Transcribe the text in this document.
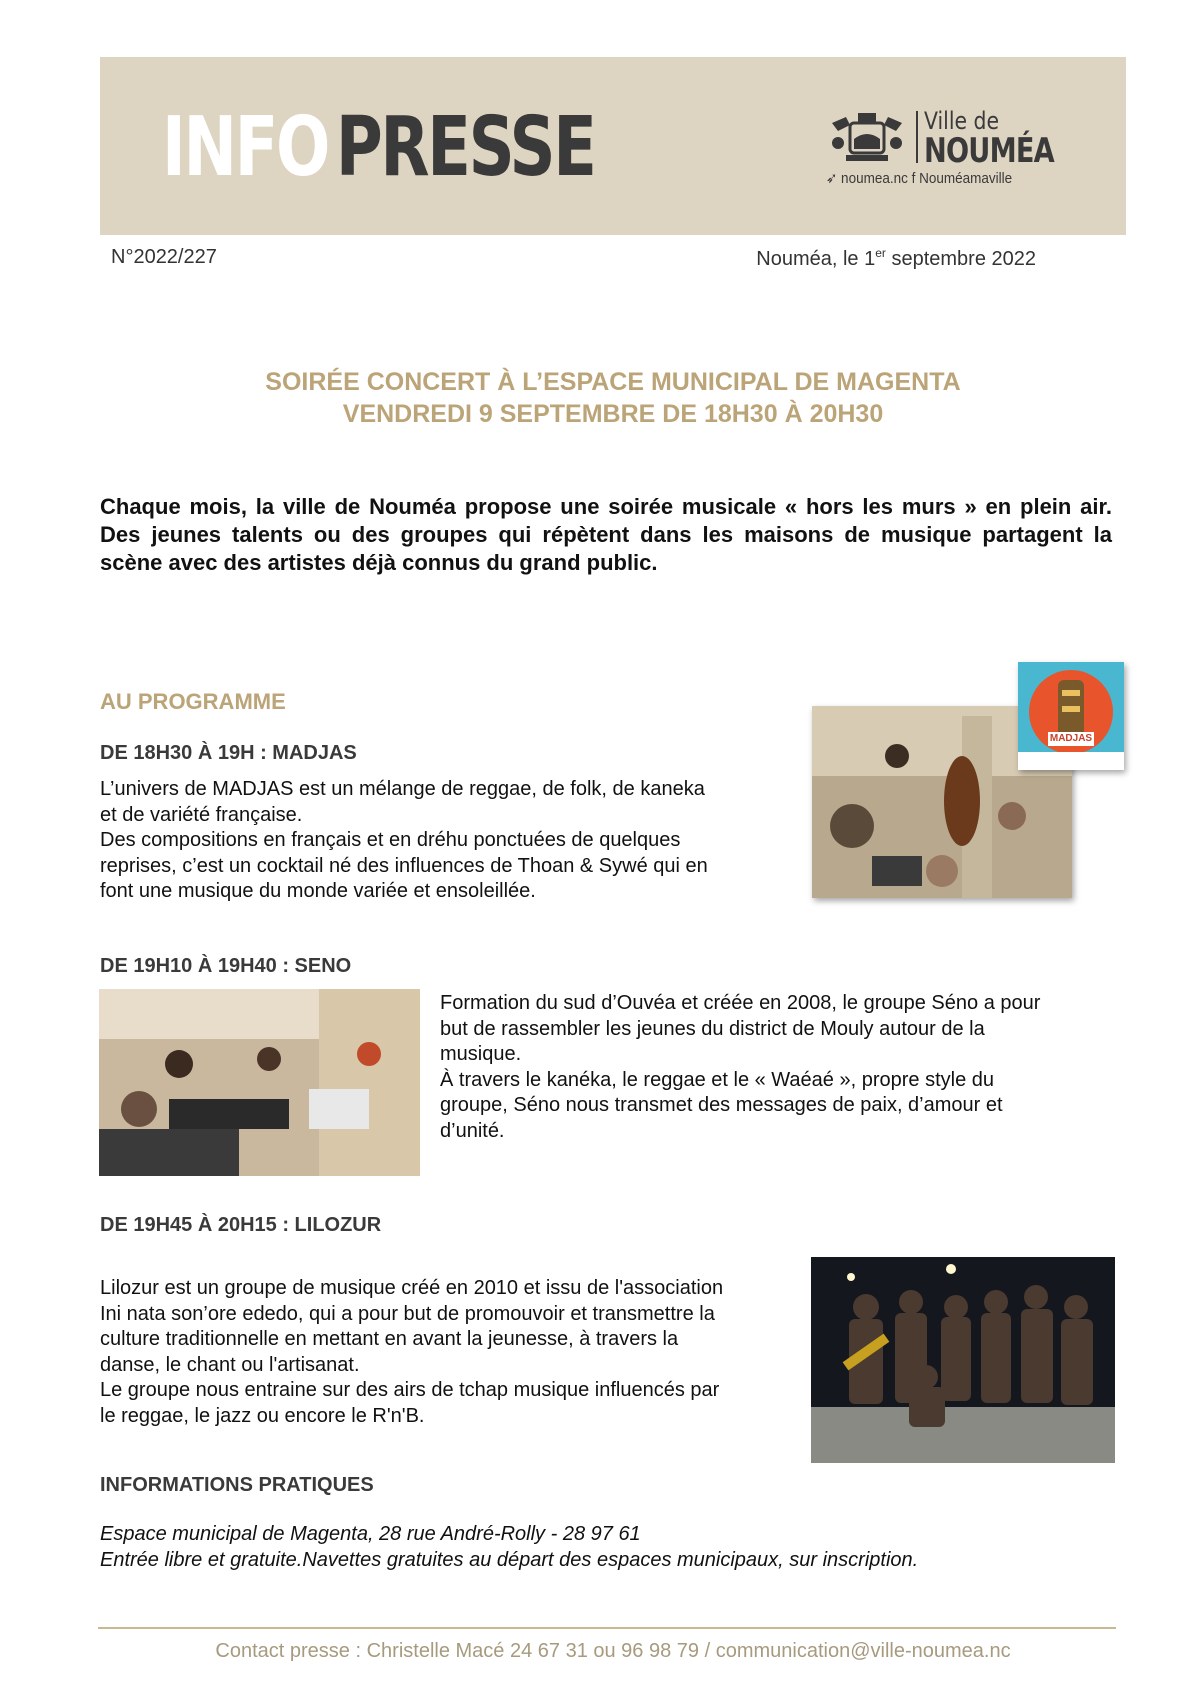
INFOPRESSE	Ville de
NOUMÉA
➶ noumea.nc f Nouméamaville
N°2022/227	Nouméa, le 1er septembre 2022
SOIRÉE CONCERT À L’ESPACE MUNICIPAL DE MAGENTA
VENDREDI 9 SEPTEMBRE DE 18H30 À 20H30
Chaque mois, la ville de Nouméa propose une soirée musicale « hors les murs » en plein air. Des jeunes talents ou des groupes qui répètent dans les maisons de musique partagent la scène avec des artistes déjà connus du grand public.
AU PROGRAMME
DE 18H30 À 19H : MADJAS
L’univers de MADJAS est un mélange de reggae, de folk, de kaneka
et de variété française.
Des compositions en français et en dréhu ponctuées de quelques
reprises, c’est un cocktail né des influences de Thoan & Sywé qui en
font une musique du monde variée et ensoleillée.
MADJAS
DE 19H10 À 19H40 : SENO
Formation du sud d’Ouvéa et créée en 2008, le groupe Séno a pour
but de rassembler les jeunes du district de Mouly autour de la
musique.
À travers le kanéka, le reggae et le « Waéaé », propre style du
groupe, Séno nous transmet des messages de paix, d’amour et
d’unité.
DE 19H45 À 20H15 : LILOZUR
Lilozur est un groupe de musique créé en 2010 et issu de l'association
Ini nata son’ore ededo, qui a pour but de promouvoir et transmettre la
culture traditionnelle en mettant en avant la jeunesse, à travers la
danse, le chant ou l'artisanat.
Le groupe nous entraine sur des airs de tchap musique influencés par
le reggae, le jazz ou encore le R'n'B.
INFORMATIONS PRATIQUES
Espace municipal de Magenta, 28 rue André-Rolly - 28 97 61
Entrée libre et gratuite.Navettes gratuites au départ des espaces municipaux, sur inscription.
Contact presse : Christelle Macé 24 67 31 ou 96 98 79 / communication@ville-noumea.nc
